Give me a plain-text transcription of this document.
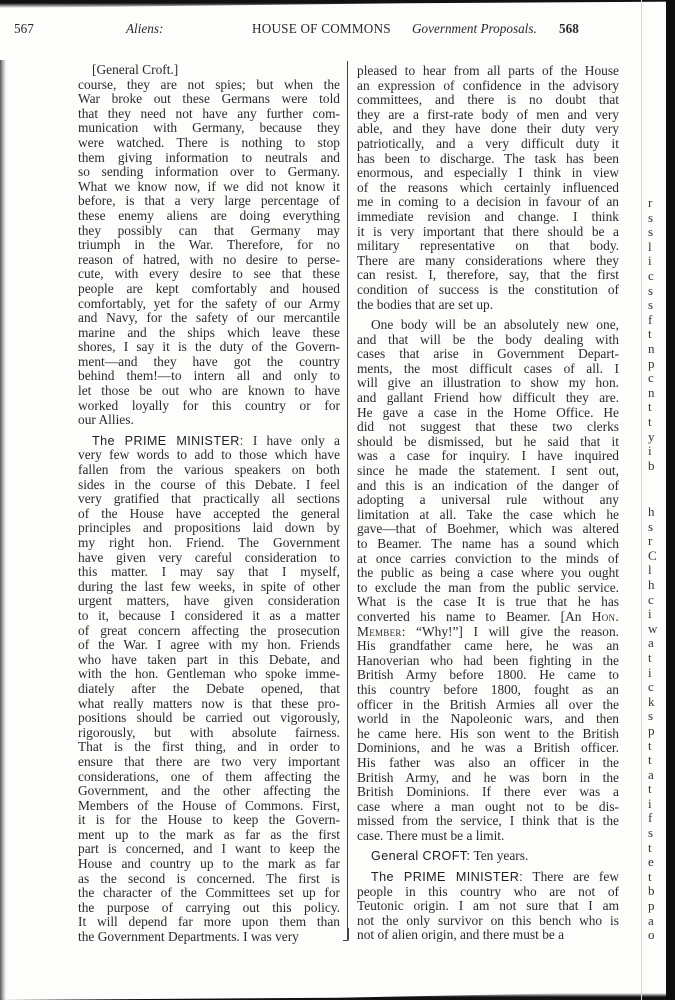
r
s
s
l
i
c
s
s
f
t
n
p
c
n
t
t
y
i
b
h
s
r
C
l
h
c
i
w
a
t
i
c
k
s
p
t
t
a
t
i
f
s
t
e
t
b
p
a
o
567	Aliens:	HOUSE OF COMMONS Government Proposals. 568
[General Croft.]
course, they are not spies; but when the
War broke out these Germans were told
that they need not have any further com-
munication with Germany, because they
were watched. There is nothing to stop
them giving information to neutrals and
so sending information over to Germany.
What we know now, if we did not know it
before, is that a very large percentage of
these enemy aliens are doing everything
they possibly can that Germany may
triumph in the War. Therefore, for no
reason of hatred, with no desire to perse-
cute, with every desire to see that these
people are kept comfortably and housed
comfortably, yet for the safety of our Army
and Navy, for the safety of our mercantile
marine and the ships which leave these
shores, I say it is the duty of the Govern-
ment—and they have got the country
behind them!—to intern all and only to
let those be out who are known to have
worked loyally for this country or for
our Allies.
The PRIME MINISTER: I have only a
very few words to add to those which have
fallen from the various speakers on both
sides in the course of this Debate. I feel
very gratified that practically all sections
of the House have accepted the general
principles and propositions laid down by
my right hon. Friend. The Government
have given very careful consideration to
this matter. I may say that I myself,
during the last few weeks, in spite of other
urgent matters, have given consideration
to it, because I considered it as a matter
of great concern affecting the prosecution
of the War. I agree with my hon. Friends
who have taken part in this Debate, and
with the hon. Gentleman who spoke imme-
diately after the Debate opened, that
what really matters now is that these pro-
positions should be carried out vigorously,
rigorously, but with absolute fairness.
That is the first thing, and in order to
ensure that there are two very important
considerations, one of them affecting the
Government, and the other affecting the
Members of the House of Commons. First,
it is for the House to keep the Govern-
ment up to the mark as far as the first
part is concerned, and I want to keep the
House and country up to the mark as far
as the second is concerned. The first is
the character of the Committees set up for
the purpose of carrying out this policy.
It will depend far more upon them than
the Government Departments. I was very
pleased to hear from all parts of the House
an expression of confidence in the advisory
committees, and there is no doubt that
they are a first-rate body of men and very
able, and they have done their duty very
patriotically, and a very difficult duty it
has been to discharge. The task has been
enormous, and especially I think in view
of the reasons which certainly influenced
me in coming to a decision in favour of an
immediate revision and change. I think
it is very important that there should be a
military representative on that body.
There are many considerations where they
can resist. I, therefore, say, that the first
condition of success is the constitution of
the bodies that are set up.
One body will be an absolutely new one,
and that will be the body dealing with
cases that arise in Government Depart-
ments, the most difficult cases of all. I
will give an illustration to show my hon.
and gallant Friend how difficult they are.
He gave a case in the Home Office. He
did not suggest that these two clerks
should be dismissed, but he said that it
was a case for inquiry. I have inquired
since he made the statement. I sent out,
and this is an indication of the danger of
adopting a universal rule without any
limitation at all. Take the case which he
gave—that of Boehmer, which was altered
to Beamer. The name has a sound which
at once carries conviction to the minds of
the public as being a case where you ought
to exclude the man from the public service.
What is the case It is true that he has
converted his name to Beamer. [An Hon.
Member: “Why!”] I will give the reason.
His grandfather came here, he was an
Hanoverian who had been fighting in the
British Army before 1800. He came to
this country before 1800, fought as an
officer in the British Armies all over the
world in the Napoleonic wars, and then
he came here. His son went to the British
Dominions, and he was a British officer.
His father was also an officer in the
British Army, and he was born in the
British Dominions. If there ever was a
case where a man ought not to be dis-
missed from the service, I think that is the
case. There must be a limit.
General CROFT: Ten years.
The PRIME MINISTER: There are few
people in this country who are not of
Teutonic origin. I am not sure that I am
not the only survivor on this bench who is
not of alien origin, and there must be a
